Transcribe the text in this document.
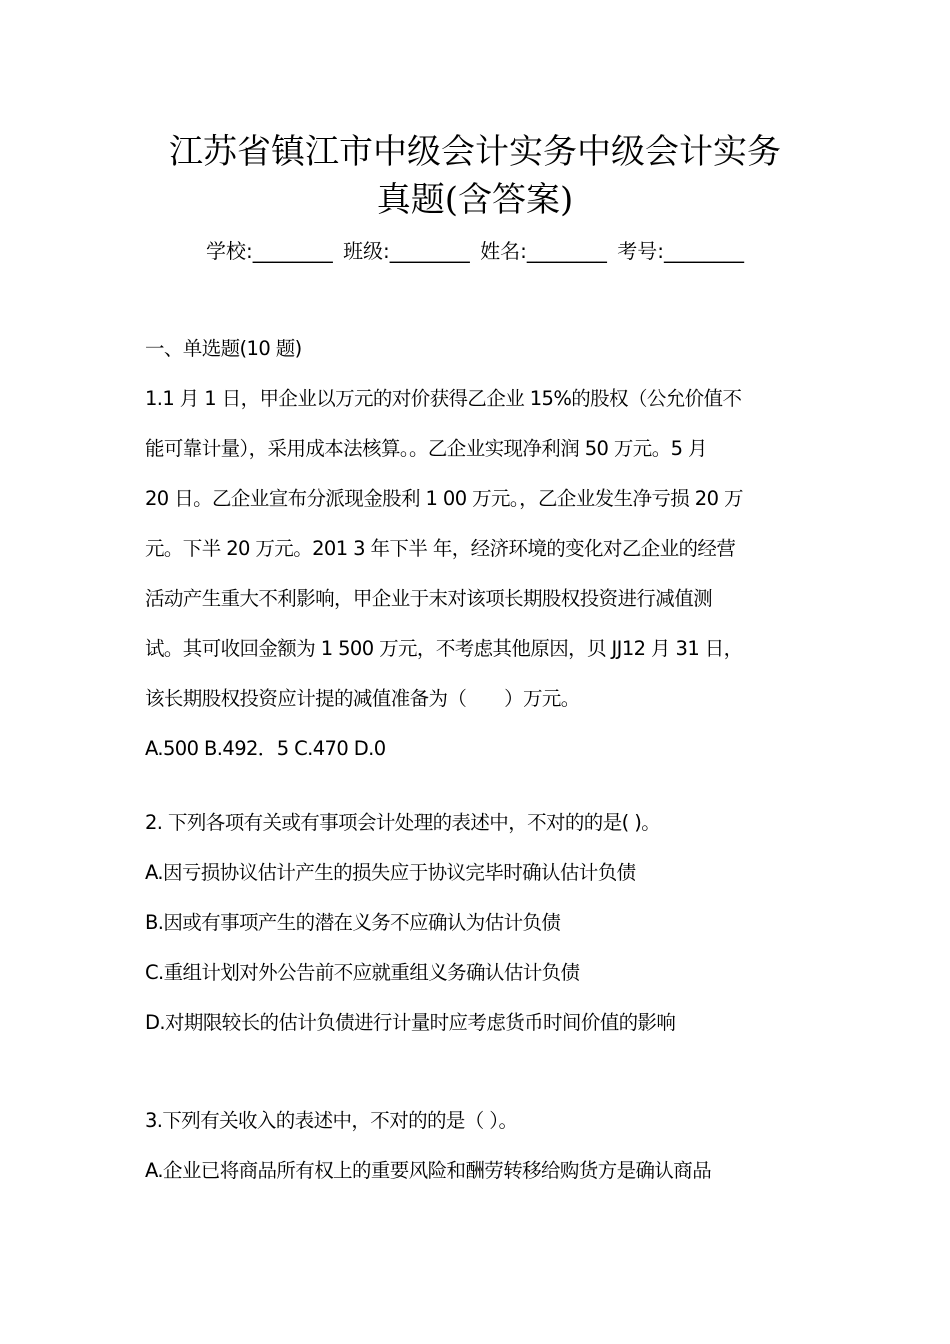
江苏省镇江市中级会计实务中级会计实务
真题(含答案)
学校:________ 班级:________ 姓名:________ 考号:________
一、单选题(10 题)
1.1 月 1 日，甲企业以万元的对价获得乙企业 15%的股权（公允价值不
能可靠计量），采用成本法核算。。乙企业实现净利润 50 万元。5 月
20 日。乙企业宣布分派现金股利 1 00 万元。，乙企业发生净亏损 20 万
元。下半 20 万元。201 3 年下半 年，经济环境的变化对乙企业的经营
活动产生重大不利影响，甲企业于末对该项长期股权投资进行减值测
试。其可收回金额为 1 500 万元，不考虑其他原因，贝 JJ12 月 31 日，
该长期股权投资应计提的减值准备为（　　）万元。
A.500 B.492．5 C.470 D.0
2. 下列各项有关或有事项会计处理的表述中，不对的的是( )。
A.因亏损协议估计产生的损失应于协议完毕时确认估计负债
B.因或有事项产生的潜在义务不应确认为估计负债
C.重组计划对外公告前不应就重组义务确认估计负债
D.对期限较长的估计负债进行计量时应考虑货币时间价值的影响
3.下列有关收入的表述中，不对的的是（ ）。
A.企业已将商品所有权上的重要风险和酬劳转移给购货方是确认商品
